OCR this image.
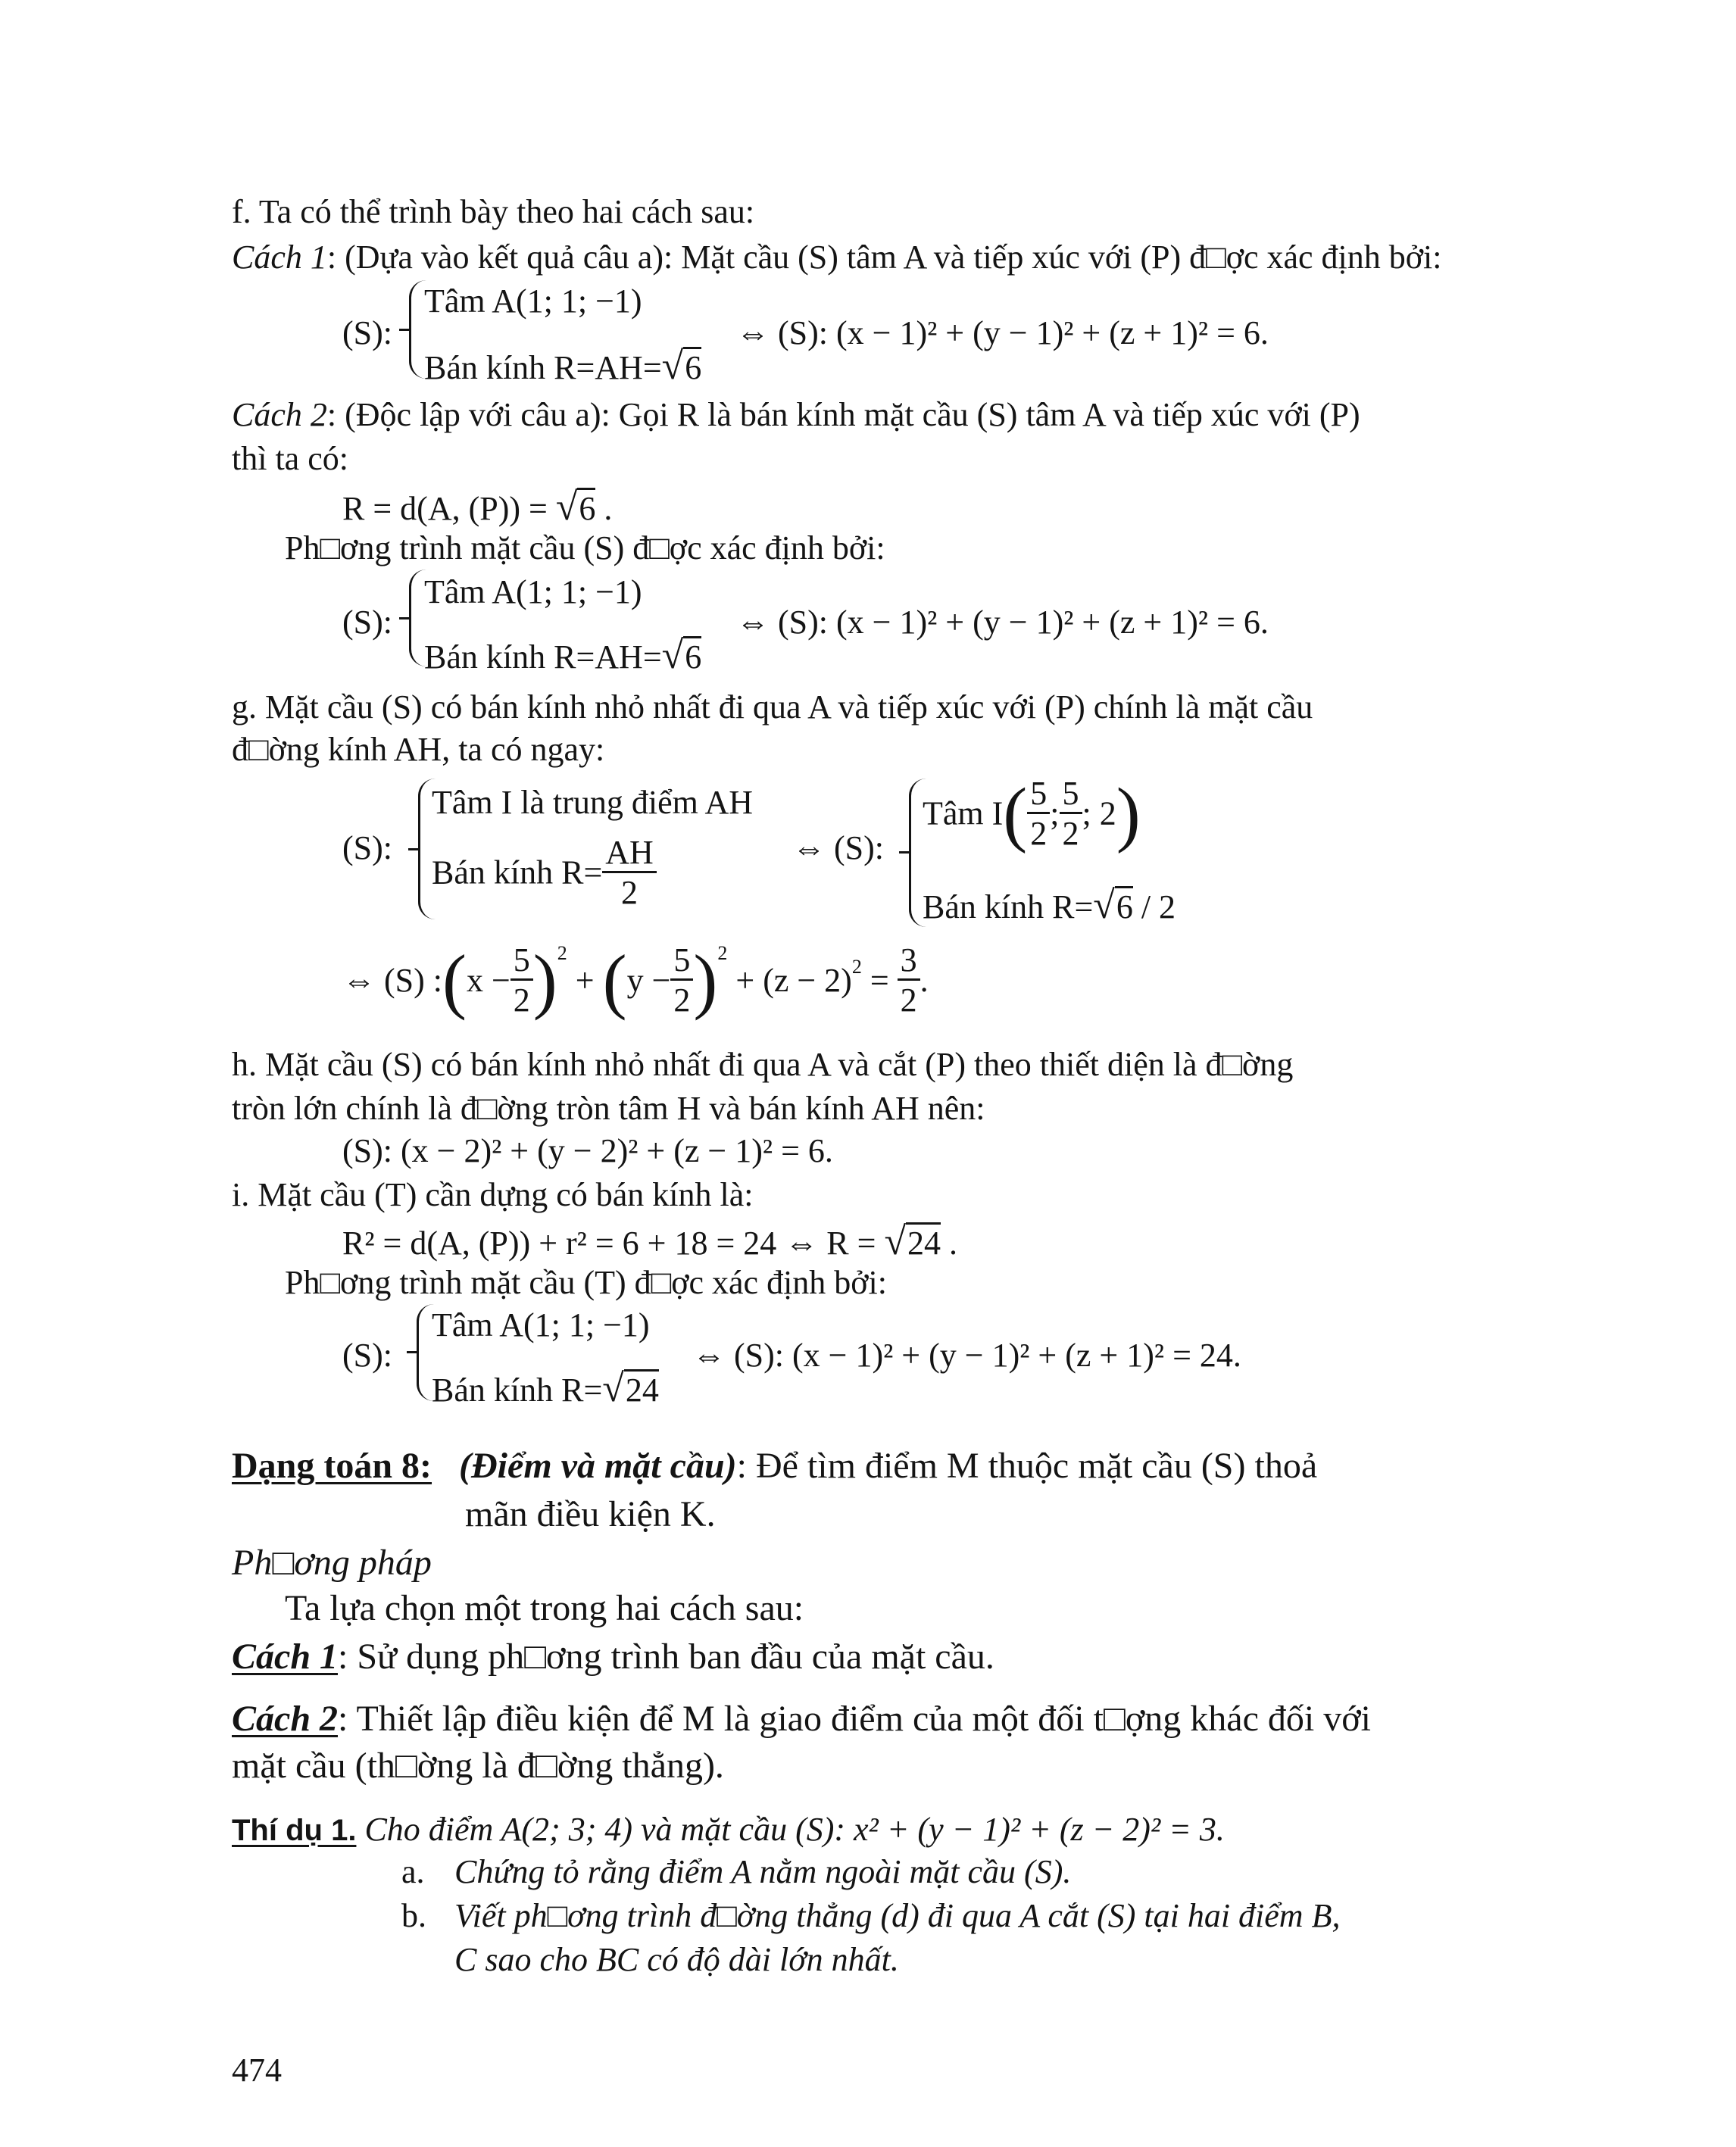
f. Ta có thể trình bày theo hai cách sau:
Cách 1: (Dựa vào kết quả câu a): Mặt cầu (S) tâm A và tiếp xúc với (P) đ□ợc xác định bởi:
(S):
Tâm A(1; 1; −1)
Bán kính R=AH=√6
⇔ (S): (x − 1)² + (y − 1)² + (z + 1)² = 6.
Cách 2: (Độc lập với câu a): Gọi R là bán kính mặt cầu (S) tâm A và tiếp xúc với (P)
thì ta có:
R = d(A, (P)) = √6 .
Ph□ơng trình mặt cầu (S) đ□ợc xác định bởi:
(S):
Tâm A(1; 1; −1)
Bán kính R=AH=√6
⇔ (S): (x − 1)² + (y − 1)² + (z + 1)² = 6.
g. Mặt cầu (S) có bán kính nhỏ nhất đi qua A và tiếp xúc với (P) chính là mặt cầu
đ□ờng kính AH, ta có ngay:
(S):
Tâm I là trung điểm AH
Bán kính $R= \frac{AH}{2}$	⇔ (S):
Tâm $I( \frac{5}{2}$ ; $\frac{5}{2}$ ; 2)
Bán kính R=√6 / 2
⇔ (S) :(x − $\frac{5}{2} )^2 + (y - \frac{5}{2} )^2 + (z - 2)^2 = \frac{3}{2}$ .
h. Mặt cầu (S) có bán kính nhỏ nhất đi qua A và cắt (P) theo thiết diện là đ□ờng
tròn lớn chính là đ□ờng tròn tâm H và bán kính AH nên:
(S): (x − 2)² + (y − 2)² + (z − 1)² = 6.
i. Mặt cầu (T) cần dựng có bán kính là:
R² = d(A, (P)) + r² = 6 + 18 = 24 ⇔ R = √24 .
Ph□ơng trình mặt cầu (T) đ□ợc xác định bởi:
(S):
Tâm A(1; 1; −1)
Bán kính R=√24
⇔ (S): (x − 1)² + (y − 1)² + (z + 1)² = 24.
Dạng toán 8: (Điểm và mặt cầu): Để tìm điểm M thuộc mặt cầu (S) thoả
mãn điều kiện K.
Ph□ơng pháp
Ta lựa chọn một trong hai cách sau:
Cách 1: Sử dụng ph□ơng trình ban đầu của mặt cầu.
Cách 2: Thiết lập điều kiện để M là giao điểm của một đối t□ợng khác đối với
mặt cầu (th□ờng là đ□ờng thẳng).
Thí dụ 1. Cho điểm A(2; 3; 4) và mặt cầu (S): x² + (y − 1)² + (z − 2)² = 3.
a. Chứng tỏ rằng điểm A nằm ngoài mặt cầu (S).
b. Viết ph□ơng trình đ□ờng thẳng (d) đi qua A cắt (S) tại hai điểm B,
C sao cho BC có độ dài lớn nhất.
474
